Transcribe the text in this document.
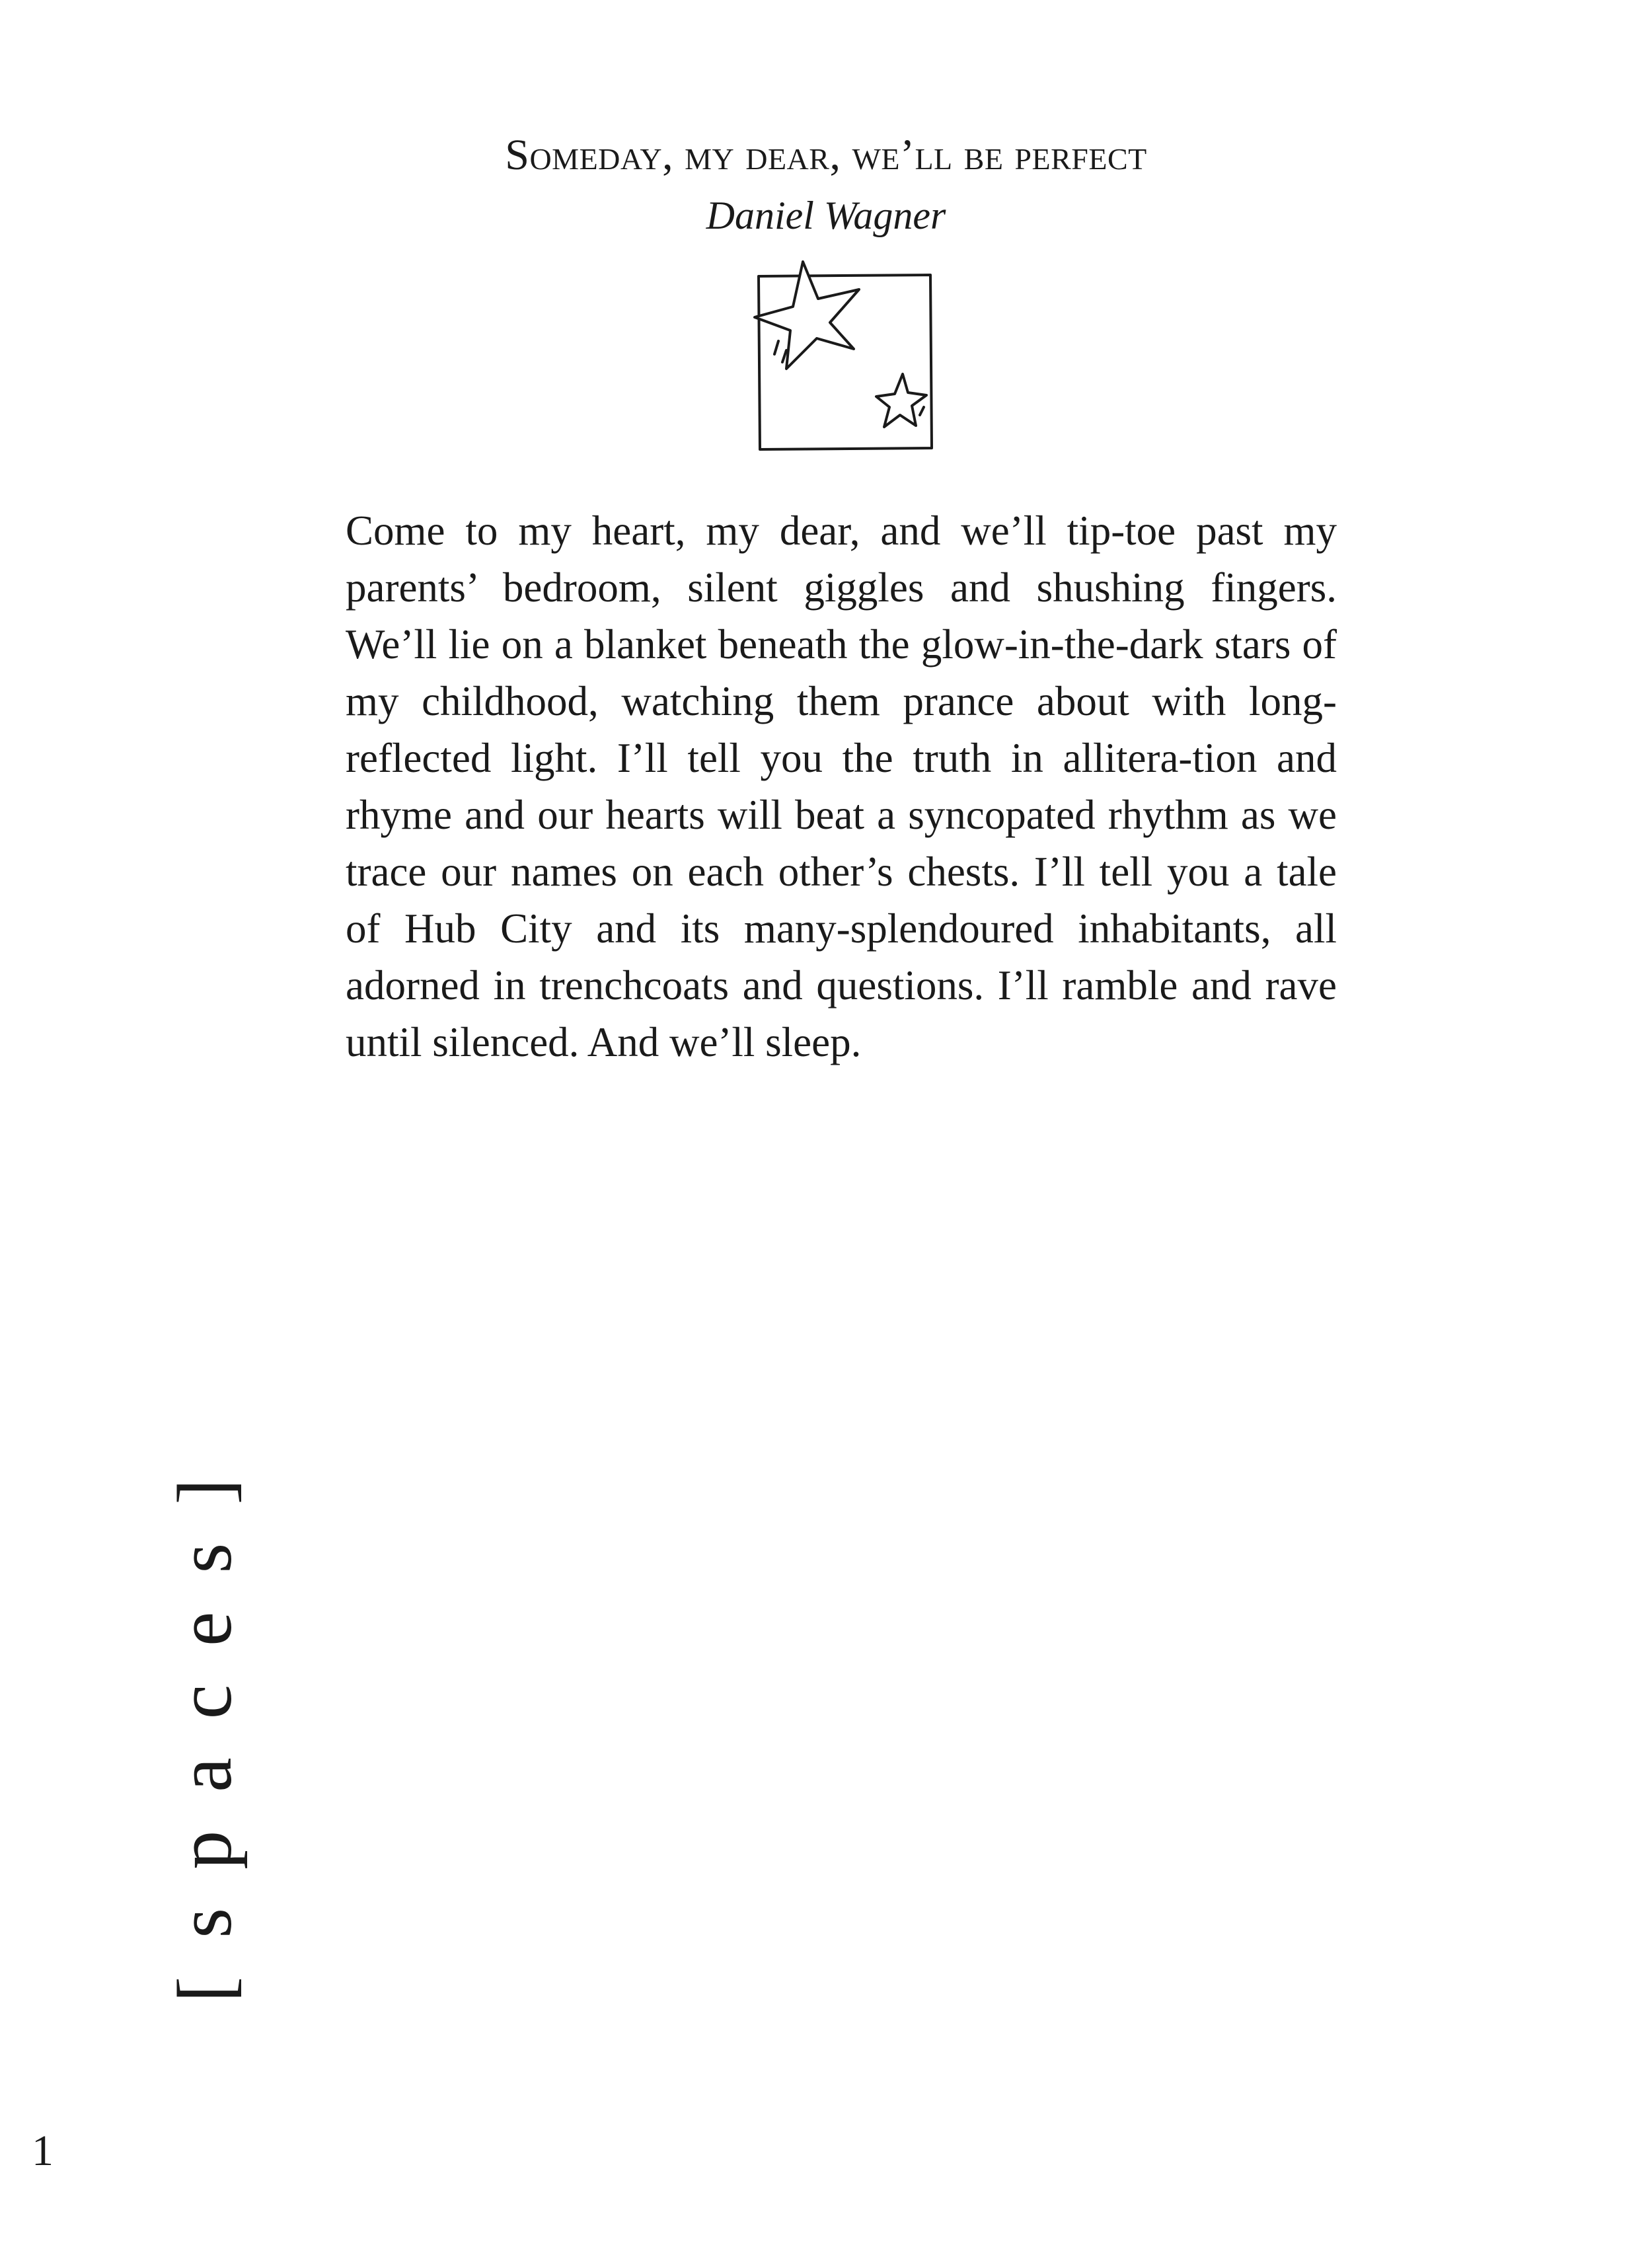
Someday, my dear, we’ll be perfect
Daniel Wagner
Come to my heart, my dear, and we’ll tip-toe past my parents’ bedroom, silent giggles and shushing fingers. We’ll lie on a blanket beneath the glow-in-the-dark stars of my childhood, watching them prance about with long-reflected light. I’ll tell you the truth in allitera-tion and rhyme and our hearts will beat a syncopated rhythm as we trace our names on each other’s chests. I’ll tell you a tale of Hub City and its many-splendoured inhabitants, all adorned in trenchcoats and questions. I’ll ramble and rave until silenced. And we’ll sleep.
[spaces]
1
